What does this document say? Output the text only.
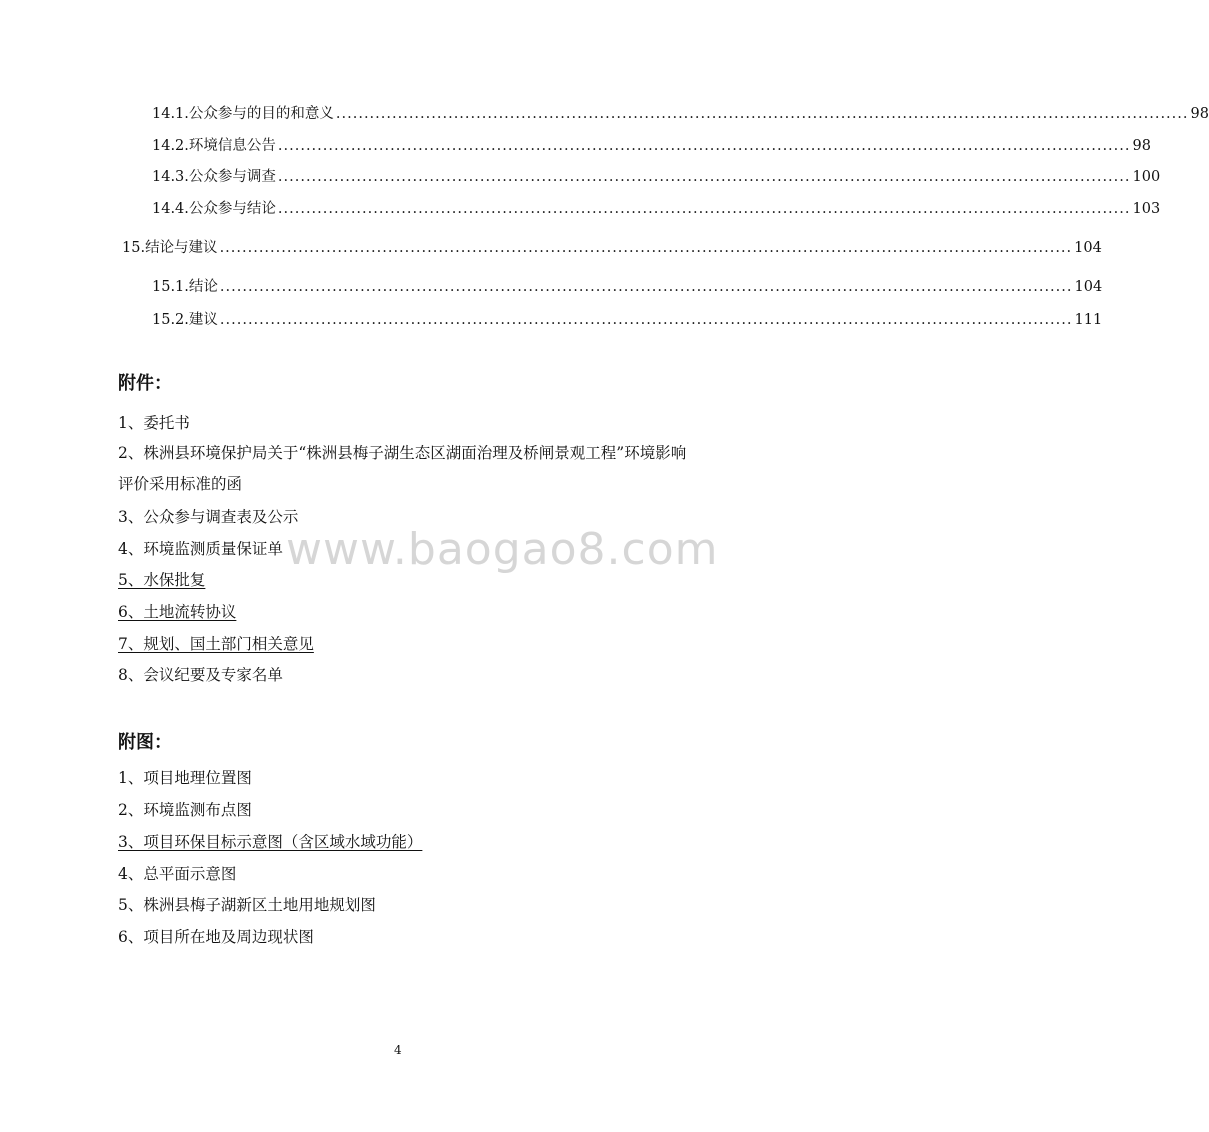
14.1. 公众参与的目的和意义 ........................................................................................................................................................ 98
14.2. 环境信息公告 ........................................................................................................................................................ 98
14.3. 公众参与调查 ........................................................................................................................................................ 100
14.4. 公众参与结论 ........................................................................................................................................................ 103
15. 结论与建议 ........................................................................................................................................................ 104
15.1. 结论 ........................................................................................................................................................ 104
15.2. 建议 ........................................................................................................................................................ 111
附件：
1、委托书
2、株洲县环境保护局关于“株洲县梅子湖生态区湖面治理及桥闸景观工程”环境影响评价采用标准的函
3、公众参与调查表及公示
4、环境监测质量保证单
5、水保批复
6、土地流转协议
7、规划、国土部门相关意见
8、会议纪要及专家名单
附图：
1、项目地理位置图
2、环境监测布点图
3、项目环保目标示意图（含区域水域功能）
4、总平面示意图
5、株洲县梅子湖新区土地用地规划图
6、项目所在地及周边现状图
www.baogao8.com
4
